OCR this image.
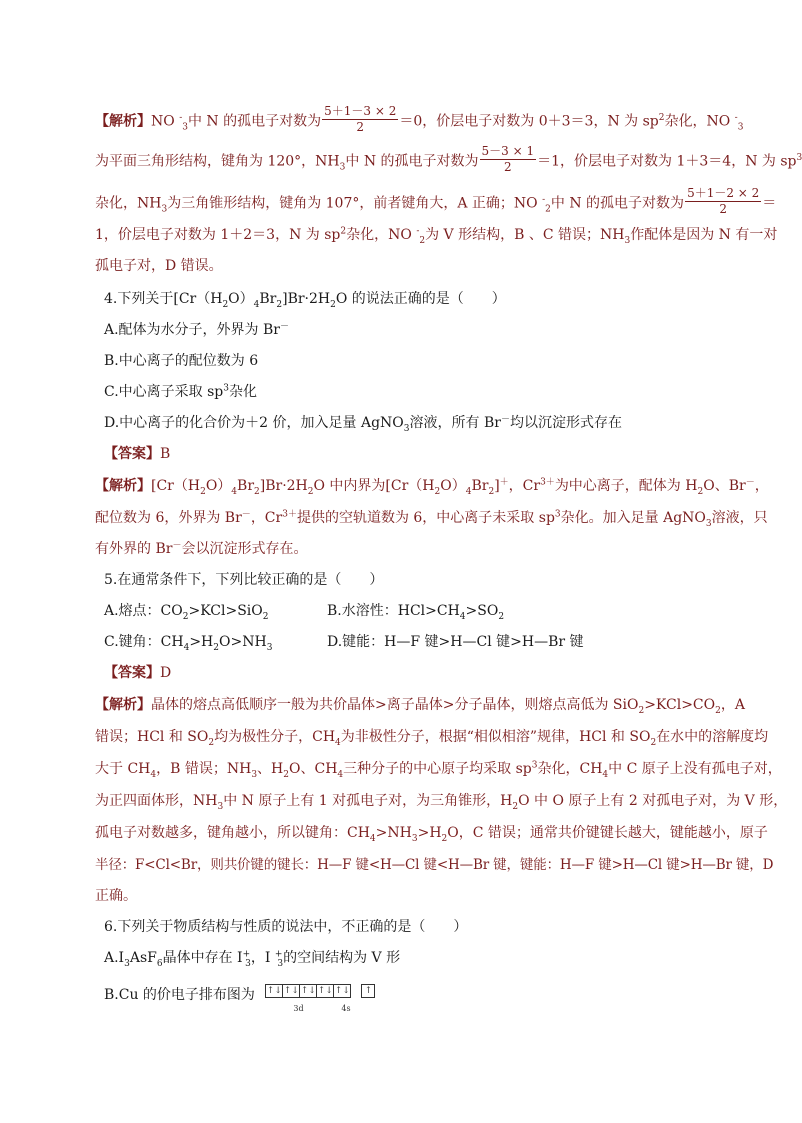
【解析】NO -$_3$中 N 的孤电子对数为 $\frac{5+1-3 \times 2}{2} =0$，价层电子对数为 0＋3＝3，N 为 $sp^2$杂化，NO -$_3$
为平面三角形结构，键角为 120°，$NH_3$中 N 的孤电子对数为 $\frac{5-3 \times 1}{2} =1$，价层电子对数为 1＋3＝4，N 为 $sp^3$
杂化，$NH_3$为三角锥形结构，键角为 107°，前者键角大，A 正确；NO -$_2$中 N 的孤电子对数为 $\frac{5+1-2 \times 2}{2}$ ＝
1，价层电子对数为 1＋2＝3，N 为 $sp^2$杂化，NO -$_2$为 V 形结构，B 、C 错误；$NH_3$作配体是因为 N 有一对
孤电子对，D 错误。
4.下列关于$[Cr(H_2O)_4Br_2]Br\cdot 2H_2O$ 的说法正确的是（　　）
A.配体为水分子，外界为 Br－
B.中心离子的配位数为 6
C.中心离子采取 $sp^3$杂化
D.中心离子的化合价为＋2 价，加入足量 AgNO$_3$溶液，所有 Br－均以沉淀形式存在
【答案】B
【解析】$[Cr(H_2O)_4Br_2]Br\cdot 2H_2O$ 中内界为$[Cr(H_2O)_4Br_2]^+$，$Cr^{3+}$为中心离子，配体为 $H_2O$、Br－，
配位数为 6，外界为 Br－，$Cr^{3+}$提供的空轨道数为 6，中心离子未采取 $sp^3$杂化。加入足量 AgNO$_3$溶液，只
有外界的 Br－会以沉淀形式存在。
5.在通常条件下，下列比较正确的是（　　）
A.熔点：$CO_2>KCl>SiO_2$	B.水溶性：$HCl>CH_4>SO_2$
C.键角：$CH_4>H_2O>NH_3$	D.键能：H—F 键>H—Cl 键>H—Br 键
【答案】D
【解析】晶体的熔点高低顺序一般为共价晶体>离子晶体>分子晶体，则熔点高低为 $SiO_2>KCl>CO_2$，A
错误；HCl 和 $SO_2$均为极性分子，$CH_4$为非极性分子，根据“相似相溶”规律，HCl 和 $SO_2$在水中的溶解度均
大于 $CH_4$，B 错误；$NH_3$、$H_2O$、$CH_4$三种分子的中心原子均采取 $sp^3$杂化，$CH_4$中 C 原子上没有孤电子对，
为正四面体形，$NH_3$中 N 原子上有 1 对孤电子对，为三角锥形，$H_2O$ 中 O 原子上有 2 对孤电子对，为 V 形，
孤电子对数越多，键角越小，所以键角：$CH_4>NH_3>H_2O$，C 错误；通常共价键键长越大，键能越小，原子
半径：F<Cl<Br，则共价键的键长：H—F 键<H—Cl 键<H—Br 键，键能：H—F 键>H—Cl 键>H—Br 键，D
正确。
6.下列关于物质结构与性质的说法中，不正确的是（　　）
$A.I_3AsF_6$晶体中存在 $I^+_3$，I +$_3$的空间结构为 V 形
B.Cu 的价电子排布图为 ↑↓ ↑↓ ↑↓ ↑↓ ↑↓	↑
3d	4s
